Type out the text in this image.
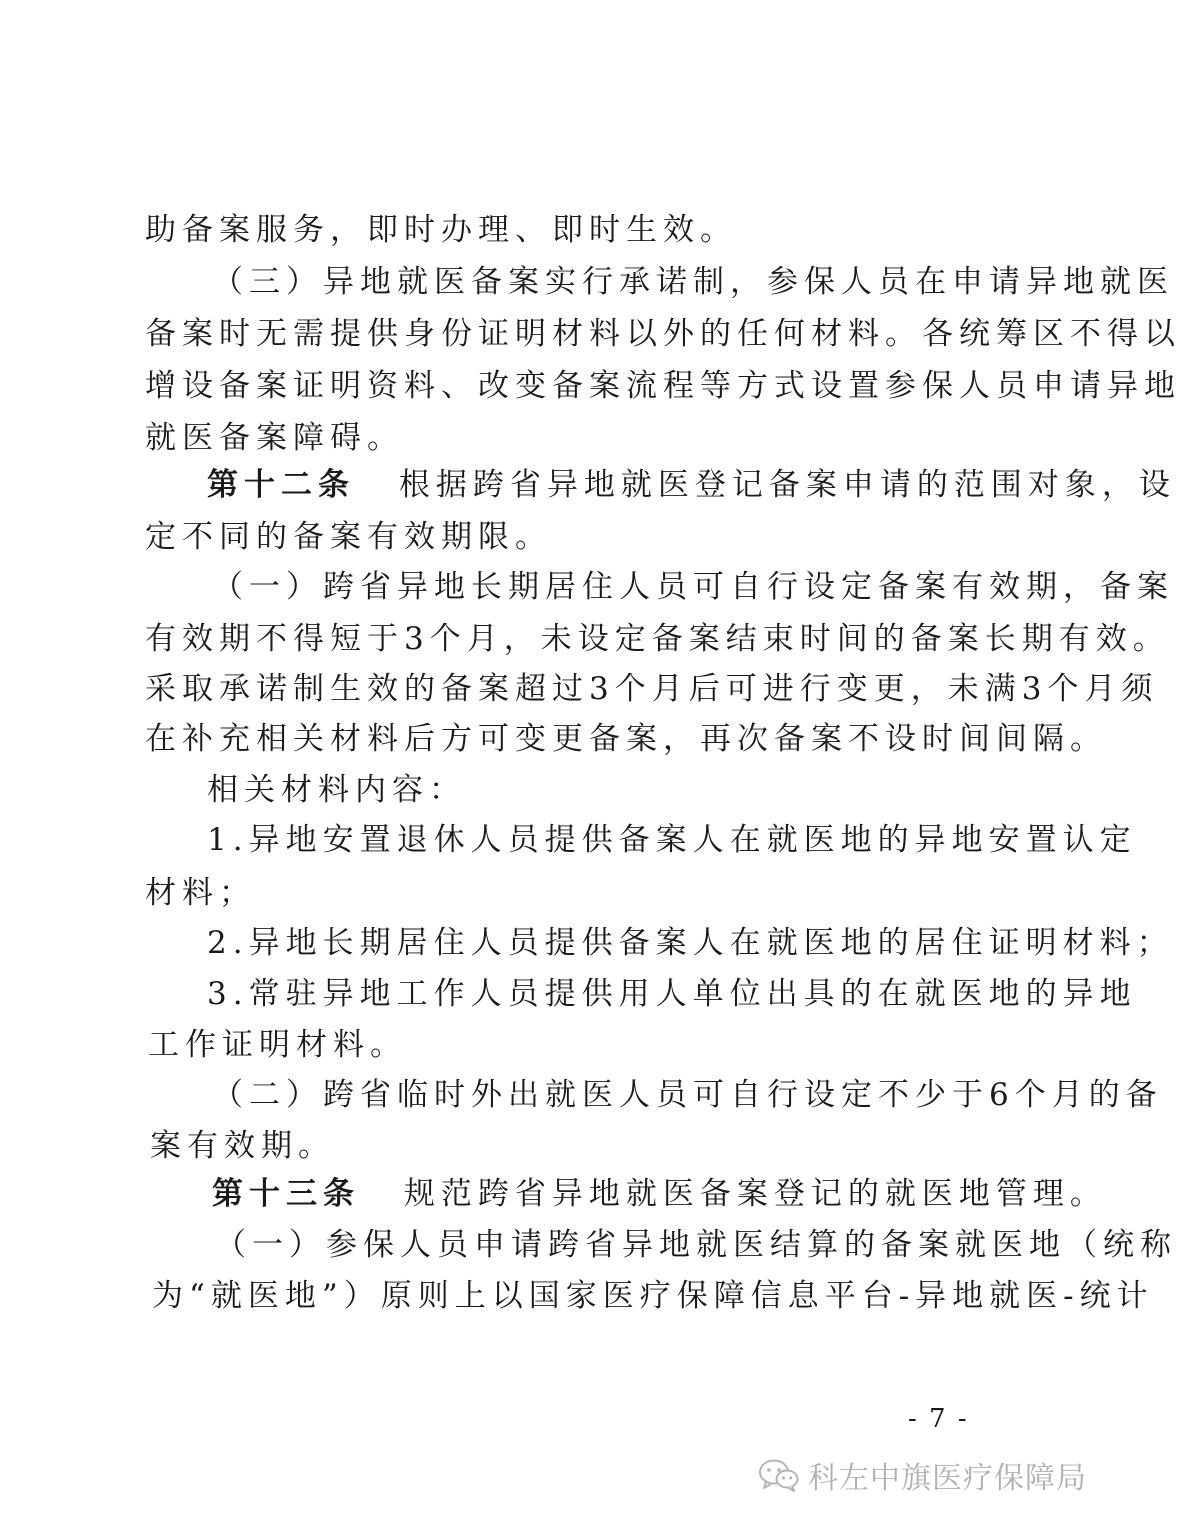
助备案服务，即时办理、即时生效。
（三）异地就医备案实行承诺制，参保人员在申请异地就医
备案时无需提供身份证明材料以外的任何材料。各统筹区不得以
增设备案证明资料、改变备案流程等方式设置参保人员申请异地
就医备案障碍。
第十二条 根据跨省异地就医登记备案申请的范围对象，设
定不同的备案有效期限。
（一）跨省异地长期居住人员可自行设定备案有效期，备案
有效期不得短于3个月，未设定备案结束时间的备案长期有效。
采取承诺制生效的备案超过3个月后可进行变更，未满3个月须
在补充相关材料后方可变更备案，再次备案不设时间间隔。
相关材料内容：
1.异地安置退休人员提供备案人在就医地的异地安置认定
材料；
2.异地长期居住人员提供备案人在就医地的居住证明材料；
3.常驻异地工作人员提供用人单位出具的在就医地的异地
工作证明材料。
（二）跨省临时外出就医人员可自行设定不少于6个月的备
案有效期。
第十三条 规范跨省异地就医备案登记的就医地管理。
（一）参保人员申请跨省异地就医结算的备案就医地（统称
为“就医地”）原则上以国家医疗保障信息平台-异地就医-统计
- 7 -
科左中旗医疗保障局
